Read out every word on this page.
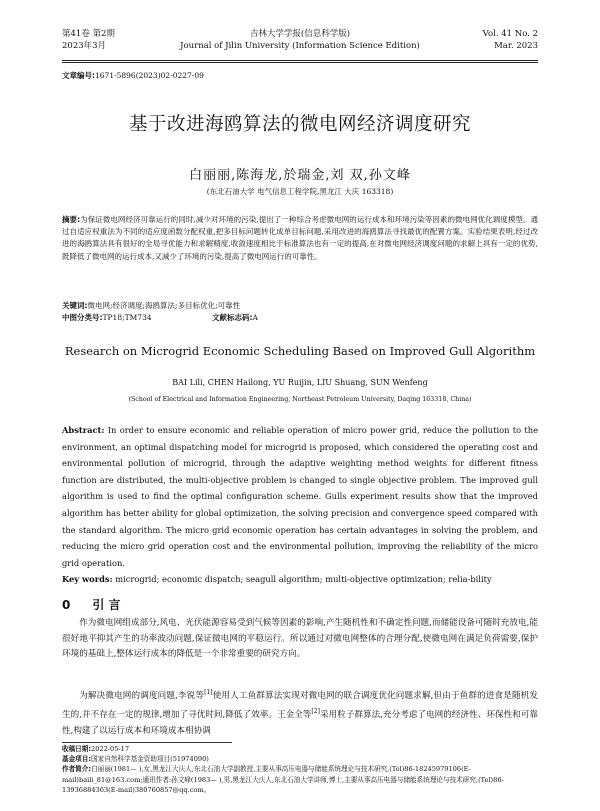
第41卷 第2期
2023年3月
吉林大学学报(信息科学版)
Journal of Jilin University (Information Science Edition)
Vol. 41 No. 2
Mar. 2023
文章编号:1671-5896(2023)02-0227-09
基于改进海鸥算法的微电网经济调度研究
白丽丽,陈海龙,於瑞金,刘 双,孙文峰
(东北石油大学 电气信息工程学院,黑龙江 大庆 163318)
摘要:为保证微电网经济可靠运行的同时,减少对环境的污染,提出了一种综合考虑微电网的运行成本和环境污染等因素的微电网优化调度模型。通过自适应权重法为不同的适应度函数分配权重,把多目标问题转化成单目标问题,采用改进的海鸥算法寻找最优的配置方案。实验结果表明,经过改进的海鸥算法具有很好的全局寻优能力和求解精度,收敛速度相比于标准算法也有一定的提高,在对微电网经济调度问题的求解上具有一定的优势,既降低了微电网的运行成本,又减少了环境的污染,提高了微电网运行的可靠性。
关键词:微电网;经济调度;海鸥算法;多目标优化;可靠性
中图分类号:TP18;TM734	文献标志码:A
Research on Microgrid Economic Scheduling Based on Improved Gull Algorithm
BAI Lili, CHEN Hailong, YU Ruijin, LIU Shuang, SUN Wenfeng
(School of Electrical and Information Engineering, Northeast Petroleum University, Daqing 163318, China)
Abstract: In order to ensure economic and reliable operation of micro power grid, reduce the pollution to the environment, an optimal dispatching model for microgrid is proposed, which considered the operating cost and environmental pollution of microgrid, through the adaptive weighting method weights for different fitness function are distributed, the multi-objective problem is changed to single objective problem. The improved gull algorithm is used to find the optimal configuration scheme. Gulls experiment results show that the improved algorithm has better ability for global optimization, the solving precision and convergence speed compared with the standard algorithm. The micro grid economic operation has certain advantages in solving the problem, and reducing the micro grid operation cost and the environmental pollution, improving the reliability of the micro grid operation.
Key words: microgrid; economic dispatch; seagull algorithm; multi-objective optimization; relia-bility
0 引 言
作为微电网组成部分,风电、光伏能源容易受到气候等因素的影响,产生随机性和不确定性问题,而储能设备可随时充放电,能很好地平抑其产生的功率波动问题,保证微电网的平稳运行。所以通过对微电网整体的合理分配,使微电网在满足负荷需要,保护环境的基础上,整体运行成本的降低是一个非常重要的研究方向。
为解决微电网的调度问题,李锐等[1]使用人工鱼群算法实现对微电网的联合调度优化问题求解,但由于鱼群的进食是随机发生的,并不存在一定的规律,增加了寻优时间,降低了效率。王金全等[2]采用粒子群算法,充分考虑了电网的经济性、环保性和可靠性,构建了以运行成本和环境成本相协调
收稿日期:2022-05-17
基金项目:国家自然科学基金资助项目(51974090)
作者简介:白丽丽(1981— ),女,黑龙江大庆人,东北石油大学副教授,主要从事高压电器与储能系统理论与技术研究,(Tel)86-18245979106(E-mail)baili_81@163.com;通讯作者:孙文峰(1983— ),男,黑龙江大庆人,东北石油大学讲师,博士,主要从事高压电器与储能系统理论与技术研究,(Tel)86-13936884363(E-mail)380760857@qq.com。
